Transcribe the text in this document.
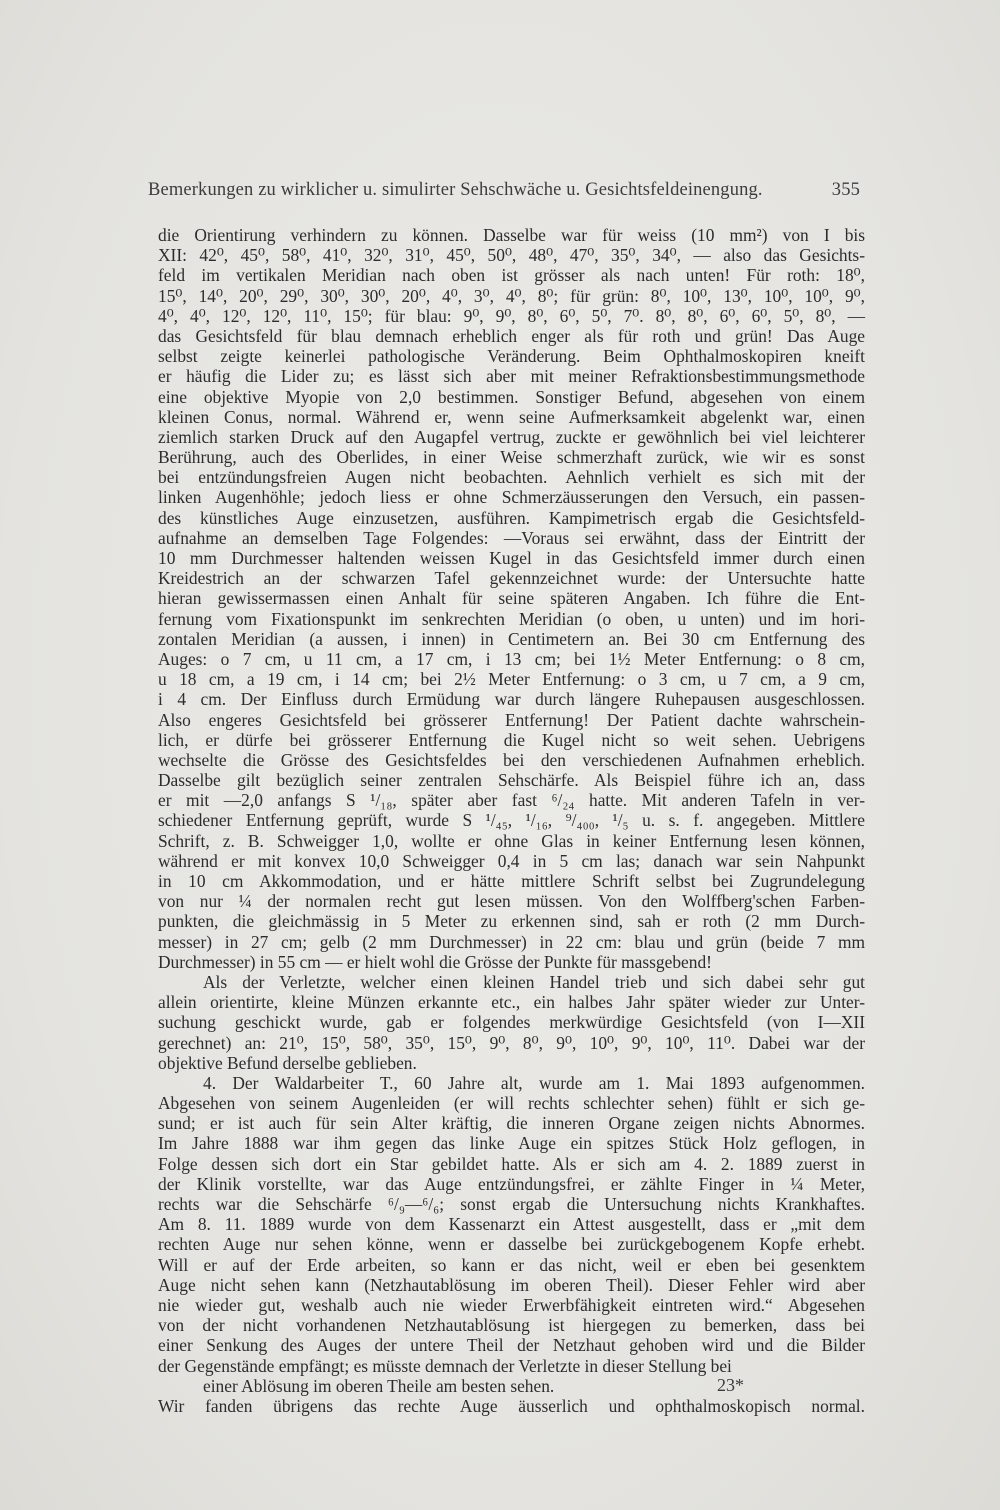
Bemerkungen zu wirklicher u. simulirter Sehschwäche u. Gesichtsfeldeinengung.	355
die Orientirung verhindern zu können. Dasselbe war für weiss (10 mm²) von I bis
XII: 42⁰, 45⁰, 58⁰, 41⁰, 32⁰, 31⁰, 45⁰, 50⁰, 48⁰, 47⁰, 35⁰, 34⁰, — also das Gesichts-
feld im vertikalen Meridian nach oben ist grösser als nach unten! Für roth: 18⁰,
15⁰, 14⁰, 20⁰, 29⁰, 30⁰, 30⁰, 20⁰, 4⁰, 3⁰, 4⁰, 8⁰; für grün: 8⁰, 10⁰, 13⁰, 10⁰, 10⁰, 9⁰,
4⁰, 4⁰, 12⁰, 12⁰, 11⁰, 15⁰; für blau: 9⁰, 9⁰, 8⁰, 6⁰, 5⁰, 7⁰. 8⁰, 8⁰, 6⁰, 6⁰, 5⁰, 8⁰, —
das Gesichtsfeld für blau demnach erheblich enger als für roth und grün! Das Auge
selbst zeigte keinerlei pathologische Veränderung. Beim Ophthalmoskopiren kneift
er häufig die Lider zu; es lässt sich aber mit meiner Refraktionsbestimmungsmethode
eine objektive Myopie von 2,0 bestimmen. Sonstiger Befund, abgesehen von einem
kleinen Conus, normal. Während er, wenn seine Aufmerksamkeit abgelenkt war, einen
ziemlich starken Druck auf den Augapfel vertrug, zuckte er gewöhnlich bei viel leichterer
Berührung, auch des Oberlides, in einer Weise schmerzhaft zurück, wie wir es sonst
bei entzündungsfreien Augen nicht beobachten. Aehnlich verhielt es sich mit der
linken Augenhöhle; jedoch liess er ohne Schmerzäusserungen den Versuch, ein passen-
des künstliches Auge einzusetzen, ausführen. Kampimetrisch ergab die Gesichtsfeld-
aufnahme an demselben Tage Folgendes: —Voraus sei erwähnt, dass der Eintritt der
10 mm Durchmesser haltenden weissen Kugel in das Gesichtsfeld immer durch einen
Kreidestrich an der schwarzen Tafel gekennzeichnet wurde: der Untersuchte hatte
hieran gewissermassen einen Anhalt für seine späteren Angaben. Ich führe die Ent-
fernung vom Fixationspunkt im senkrechten Meridian (o oben, u unten) und im hori-
zontalen Meridian (a aussen, i innen) in Centimetern an. Bei 30 cm Entfernung des
Auges: o 7 cm, u 11 cm, a 17 cm, i 13 cm; bei 1½ Meter Entfernung: o 8 cm,
u 18 cm, a 19 cm, i 14 cm; bei 2½ Meter Entfernung: o 3 cm, u 7 cm, a 9 cm,
i 4 cm. Der Einfluss durch Ermüdung war durch längere Ruhepausen ausgeschlossen.
Also engeres Gesichtsfeld bei grösserer Entfernung! Der Patient dachte wahrschein-
lich, er dürfe bei grösserer Entfernung die Kugel nicht so weit sehen. Uebrigens
wechselte die Grösse des Gesichtsfeldes bei den verschiedenen Aufnahmen erheblich.
Dasselbe gilt bezüglich seiner zentralen Sehschärfe. Als Beispiel führe ich an, dass
er mit —2,0 anfangs S ¹/₁₈, später aber fast ⁶/₂₄ hatte. Mit anderen Tafeln in ver-
schiedener Entfernung geprüft, wurde S ¹/₄₅, ¹/₁₆, ⁹/₄₀₀, ¹/₅ u. s. f. angegeben. Mittlere
Schrift, z. B. Schweigger 1,0, wollte er ohne Glas in keiner Entfernung lesen können,
während er mit konvex 10,0 Schweigger 0,4 in 5 cm las; danach war sein Nahpunkt
in 10 cm Akkommodation, und er hätte mittlere Schrift selbst bei Zugrundelegung
von nur ¼ der normalen recht gut lesen müssen. Von den Wolffberg'schen Farben-
punkten, die gleichmässig in 5 Meter zu erkennen sind, sah er roth (2 mm Durch-
messer) in 27 cm; gelb (2 mm Durchmesser) in 22 cm: blau und grün (beide 7 mm
Durchmesser) in 55 cm — er hielt wohl die Grösse der Punkte für massgebend!
Als der Verletzte, welcher einen kleinen Handel trieb und sich dabei sehr gut
allein orientirte, kleine Münzen erkannte etc., ein halbes Jahr später wieder zur Unter-
suchung geschickt wurde, gab er folgendes merkwürdige Gesichtsfeld (von I—XII
gerechnet) an: 21⁰, 15⁰, 58⁰, 35⁰, 15⁰, 9⁰, 8⁰, 9⁰, 10⁰, 9⁰, 10⁰, 11⁰. Dabei war der
objektive Befund derselbe geblieben.
4. Der Waldarbeiter T., 60 Jahre alt, wurde am 1. Mai 1893 aufgenommen.
Abgesehen von seinem Augenleiden (er will rechts schlechter sehen) fühlt er sich ge-
sund; er ist auch für sein Alter kräftig, die inneren Organe zeigen nichts Abnormes.
Im Jahre 1888 war ihm gegen das linke Auge ein spitzes Stück Holz geflogen, in
Folge dessen sich dort ein Star gebildet hatte. Als er sich am 4. 2. 1889 zuerst in
der Klinik vorstellte, war das Auge entzündungsfrei, er zählte Finger in ¼ Meter,
rechts war die Sehschärfe ⁶/₉—⁶/₆; sonst ergab die Untersuchung nichts Krankhaftes.
Am 8. 11. 1889 wurde von dem Kassenarzt ein Attest ausgestellt, dass er „mit dem
rechten Auge nur sehen könne, wenn er dasselbe bei zurückgebogenem Kopfe erhebt.
Will er auf der Erde arbeiten, so kann er das nicht, weil er eben bei gesenktem
Auge nicht sehen kann (Netzhautablösung im oberen Theil). Dieser Fehler wird aber
nie wieder gut, weshalb auch nie wieder Erwerbfähigkeit eintreten wird.“ Abgesehen
von der nicht vorhandenen Netzhautablösung ist hiergegen zu bemerken, dass bei
einer Senkung des Auges der untere Theil der Netzhaut gehoben wird und die Bilder
der Gegenstände empfängt; es müsste demnach der Verletzte in dieser Stellung bei
einer Ablösung im oberen Theile am besten sehen.
Wir fanden übrigens das rechte Auge äusserlich und ophthalmoskopisch normal.
23*
